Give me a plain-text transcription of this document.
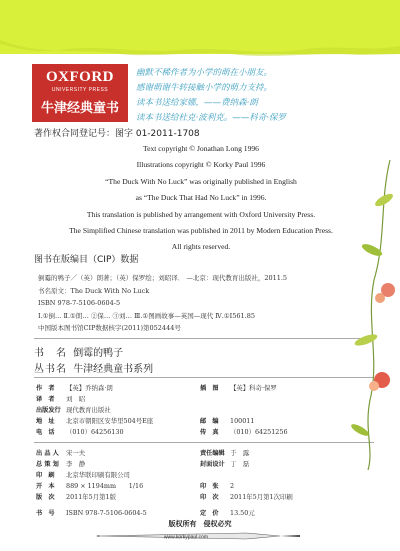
OXFORD
UNIVERSITY PRESS
牛津经典童书
幽默不稀作者为小学的萌在小朋友。
感谢萌谢牛转接触小学的萌力支持。
读本书送给家娜，——费纳森·朗
读本书送给杜克·波利克。——科奇·保罗
著作权合同登记号：图字 01-2011-1708
Text copyright © Jonathan Long 1996
Illustrations copyright © Korky Paul 1996
“The Duck With No Luck” was originally published in English
as “The Duck That Had No Luck” in 1996.
This translation is published by arrangement with Oxford University Press.
The Simplified Chinese translation was published in 2011 by Modern Education Press.
All rights reserved.
图书在版编目（CIP）数据
倒霉的鸭子／（英）朗著；（英）保罗绘；刘昭译． —北京：现代教育出版社，2011.5
书名原文：The Duck With No Luck
ISBN 978-7-5106-0604-5
Ⅰ.①倒… Ⅱ.①朗… ②保… ③刘… Ⅲ.①图画故事—英国—现代 Ⅳ.①I561.85
中国版本图书馆CIP数据核字(2011)第052444号
书　名 倒霉的鸭子
丛书名 牛津经典童书系列
作　者 【英】乔纳森·朗
译　者 刘　昭
出版发行 现代教育出版社
地　址 北京市朝阳区安华里504号E座
电　话 （010）64256130
插　图 【英】科奇·保罗
邮　编 100011
传　真 （010）64251256
出 品 人 宋一夫
总 策 划 李　静
印　刷 北京华联印刷有限公司
开　本 889 × 1194mm　　1/16
版　次 2011年5月第1版
责任编辑 于　露
封面设计 丁　磊
印　张 2
印　次 2011年5月第1次印刷
书　号 ISBN 978-7-5106-0604-5	定　价 13.50元
版权所有　侵权必究
www.korkypaul.com
